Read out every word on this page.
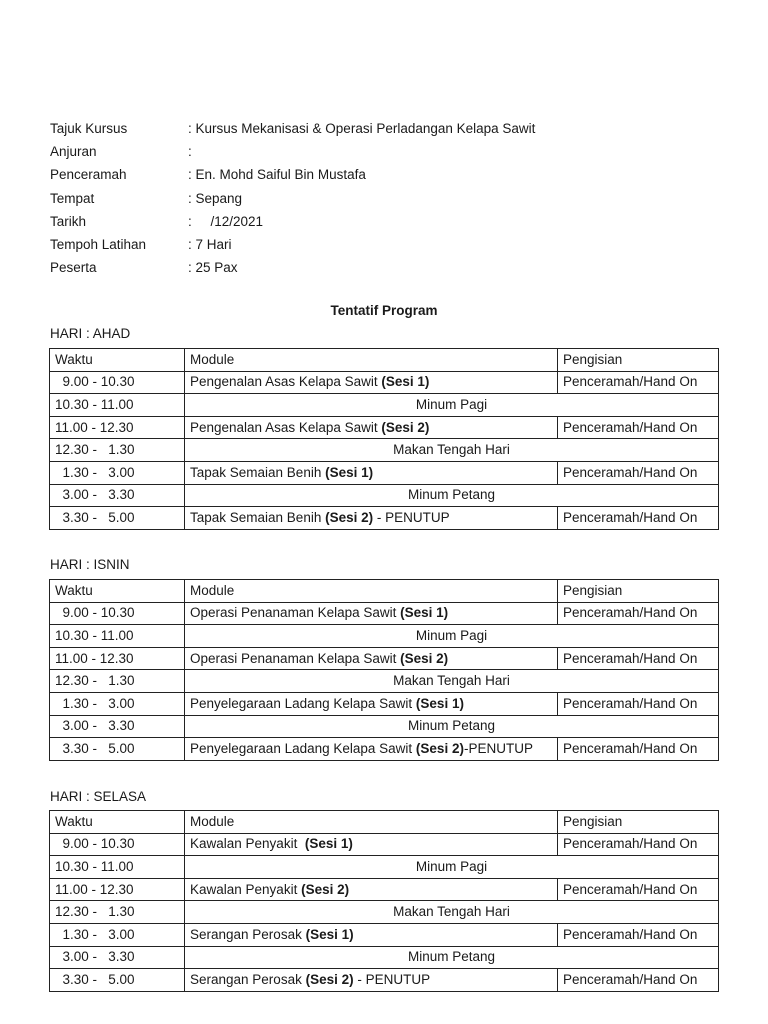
Tajuk Kursus	: Kursus Mekanisasi & Operasi Perladangan Kelapa Sawit
Anjuran	:
Penceramah	: En. Mohd Saiful Bin Mustafa
Tempat	: Sepang
Tarikh	:     /12/2021
Tempoh Latihan	: 7 Hari
Peserta	: 25 Pax
Tentatif Program
HARI : AHAD
HARI : ISNIN
HARI : SELASA
Waktu	Module	Pengisian
9.00 - 10.30	Pengenalan Asas Kelapa Sawit (Sesi 1)	Penceramah/Hand On
10.30 - 11.00	Minum Pagi	
11.00 - 12.30	Pengenalan Asas Kelapa Sawit (Sesi 2)	Penceramah/Hand On
12.30 -   1.30	Makan Tengah Hari	
1.30 -   3.00	Tapak Semaian Benih (Sesi 1)	Penceramah/Hand On
3.00 -   3.30	Minum Petang	
3.30 -   5.00	Tapak Semaian Benih (Sesi 2) - PENUTUP	Penceramah/Hand On
Waktu	Module	Pengisian
9.00 - 10.30	Operasi Penanaman Kelapa Sawit (Sesi 1)	Penceramah/Hand On
10.30 - 11.00	Minum Pagi	
11.00 - 12.30	Operasi Penanaman Kelapa Sawit (Sesi 2)	Penceramah/Hand On
12.30 -   1.30	Makan Tengah Hari	
1.30 -   3.00	Penyelegaraan Ladang Kelapa Sawit (Sesi 1)	Penceramah/Hand On
3.00 -   3.30	Minum Petang	
3.30 -   5.00	Penyelegaraan Ladang Kelapa Sawit (Sesi 2)-PENUTUP	Penceramah/Hand On
Waktu	Module	Pengisian
9.00 - 10.30	Kawalan Penyakit  (Sesi 1)	Penceramah/Hand On
10.30 - 11.00	Minum Pagi	
11.00 - 12.30	Kawalan Penyakit (Sesi 2)	Penceramah/Hand On
12.30 -   1.30	Makan Tengah Hari	
1.30 -   3.00	Serangan Perosak (Sesi 1)	Penceramah/Hand On
3.00 -   3.30	Minum Petang	
3.30 -   5.00	Serangan Perosak (Sesi 2) - PENUTUP	Penceramah/Hand On
